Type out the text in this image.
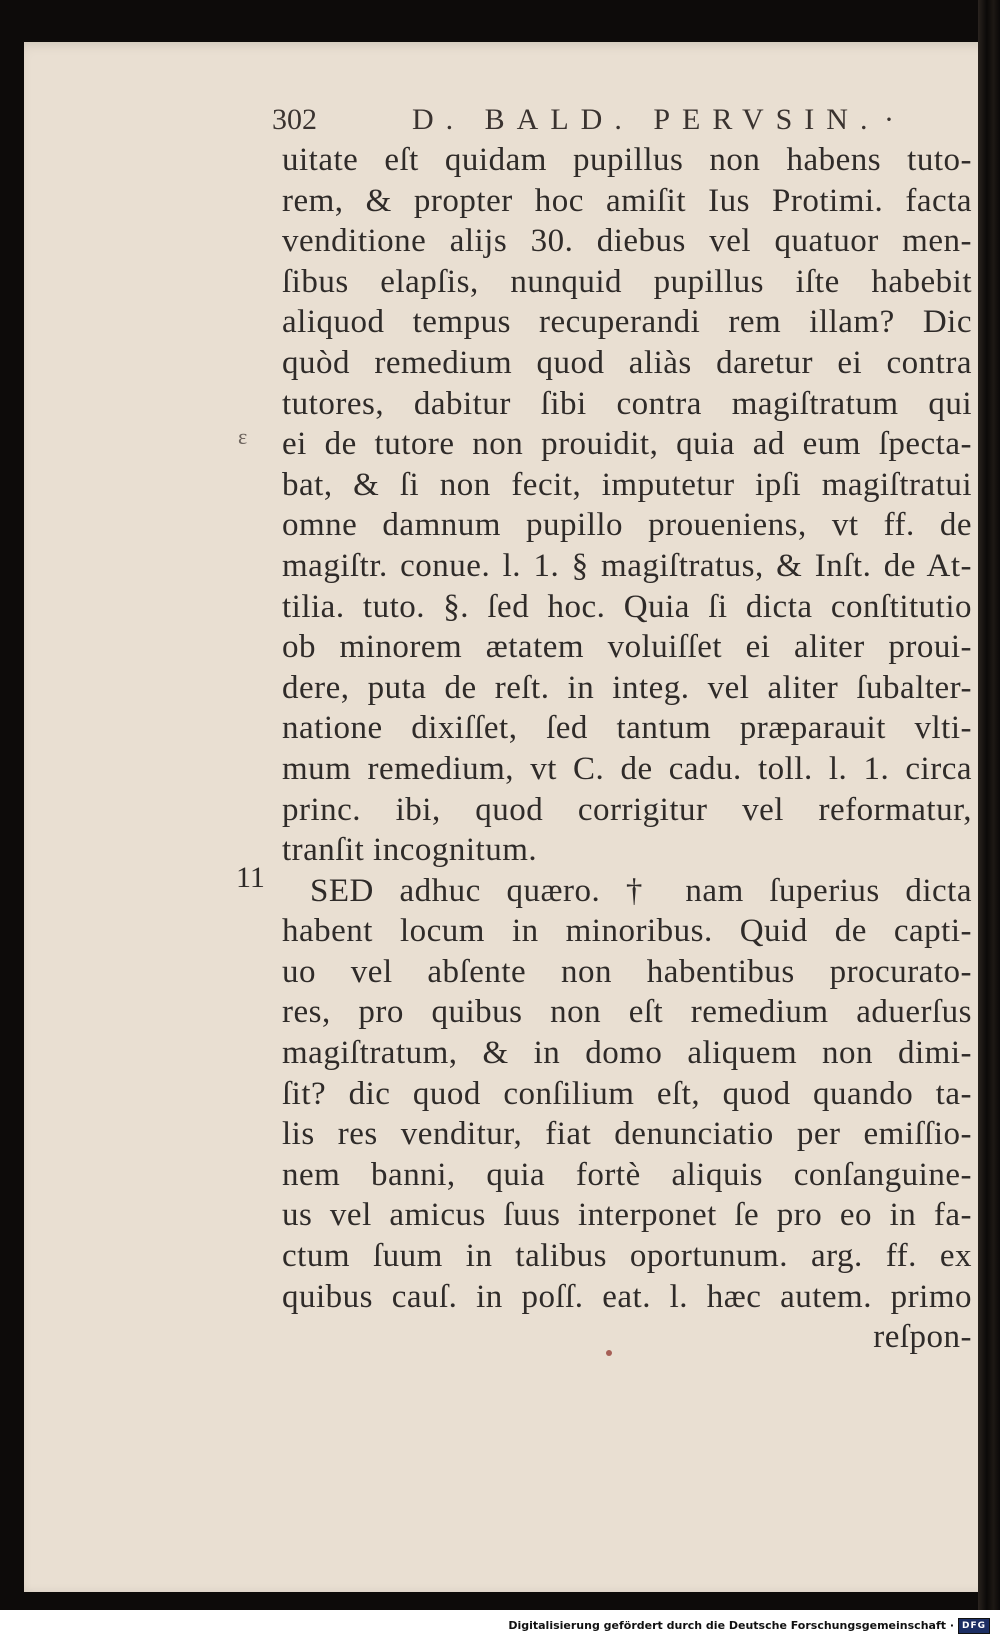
302	D. BALD. PERVSIN. ·
ɛ
11
uitate eſt quidam pupillus non habens tuto-
rem, & propter hoc amiſit Ius Protimi. facta
venditione alijs 30. diebus vel quatuor men-
ſibus elapſis, nunquid pupillus iſte habebit
aliquod tempus recuperandi rem illam? Dic
quòd remedium quod aliàs daretur ei contra
tutores, dabitur ſibi contra magiſtratum qui
ei de tutore non prouidit, quia ad eum ſpecta-
bat, & ſi non fecit, imputetur ipſi magiſtratui
omne damnum pupillo proueniens, vt ff. de
magiſtr. conue. l. 1. § magiſtratus, & Inſt. de At-
tilia. tuto. §. ſed hoc. Quia ſi dicta conſtitutio
ob minorem ætatem voluiſſet ei aliter proui-
dere, puta de reſt. in integ. vel aliter ſubalter-
natione dixiſſet, ſed tantum præparauit vlti-
mum remedium, vt C. de cadu. toll. l. 1. circa
princ. ibi, quod corrigitur vel reformatur,
tranſit incognitum.
SED adhuc quæro. † nam ſuperius dicta
habent locum in minoribus. Quid de capti-
uo vel abſente non habentibus procurato-
res, pro quibus non eſt remedium aduerſus
magiſtratum, & in domo aliquem non dimi-
ſit? dic quod conſilium eſt, quod quando ta-
lis res venditur, fiat denunciatio per emiſſio-
nem banni, quia fortè aliquis conſanguine-
us vel amicus ſuus interponet ſe pro eo in fa-
ctum ſuum in talibus oportunum. arg. ff. ex
quibus cauſ. in poſſ. eat. l. hæc autem. primo
reſpon-
Digitalisierung gefördert durch die Deutsche Forschungsgemeinschaft · DFG
